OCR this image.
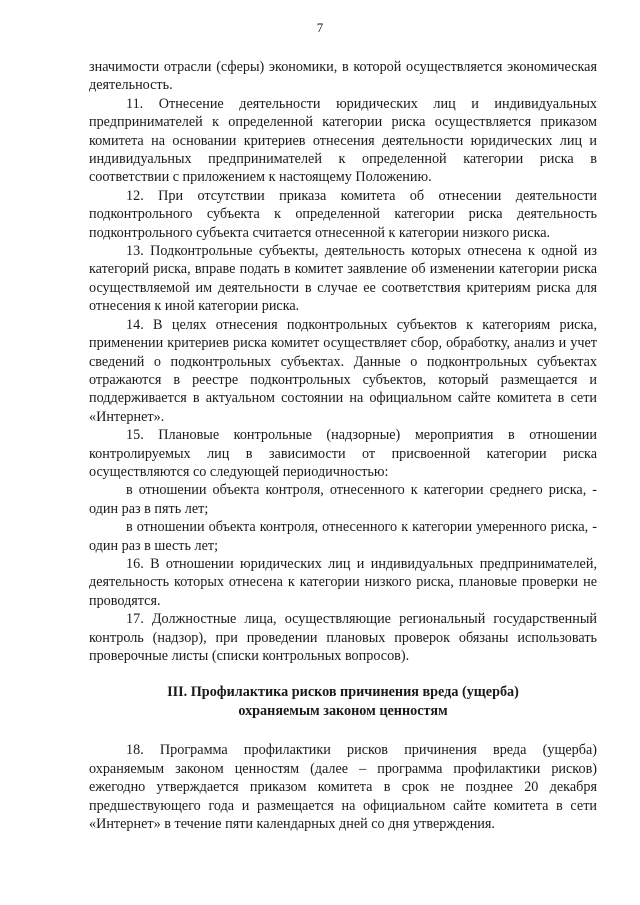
7

значимости отрасли (сферы) экономики, в которой осуществляется экономическая деятельность.

11. Отнесение деятельности юридических лиц и индивидуальных предпринимателей к определенной категории риска осуществляется приказом комитета на основании критериев отнесения деятельности юридических лиц и индивидуальных предпринимателей к определенной категории риска в соответствии с приложением к настоящему Положению.

12. При отсутствии приказа комитета об отнесении деятельности подконтрольного субъекта к определенной категории риска деятельность подконтрольного субъекта считается отнесенной к категории низкого риска.

13. Подконтрольные субъекты, деятельность которых отнесена к одной из категорий риска, вправе подать в комитет заявление об изменении категории риска осуществляемой им деятельности в случае ее соответствия критериям риска для отнесения к иной категории риска.

14. В целях отнесения подконтрольных субъектов к категориям риска, применении критериев риска комитет осуществляет сбор, обработку, анализ и учет сведений о подконтрольных субъектах. Данные о подконтрольных субъектах отражаются в реестре подконтрольных субъектов, который размещается и поддерживается в актуальном состоянии на официальном сайте комитета в сети «Интернет».

15. Плановые контрольные (надзорные) мероприятия в отношении контролируемых лиц в зависимости от присвоенной категории риска осуществляются со следующей периодичностью:

в отношении объекта контроля, отнесенного к категории среднего риска, - один раз в пять лет;

в отношении объекта контроля, отнесенного к категории умеренного риска, - один раз в шесть лет;

16. В отношении юридических лиц и индивидуальных предпринимателей, деятельность которых отнесена к категории низкого риска, плановые проверки не проводятся.

17. Должностные лица, осуществляющие региональный государственный контроль (надзор), при проведении плановых проверок обязаны использовать проверочные листы (списки контрольных вопросов).

III. Профилактика рисков причинения вреда (ущерба)
охраняемым законом ценностям

18. Программа профилактики рисков причинения вреда (ущерба) охраняемым законом ценностям (далее – программа профилактики рисков) ежегодно утверждается приказом комитета в срок не позднее 20 декабря предшествующего года и размещается на официальном сайте комитета в сети «Интернет» в течение пяти календарных дней со дня утверждения.
